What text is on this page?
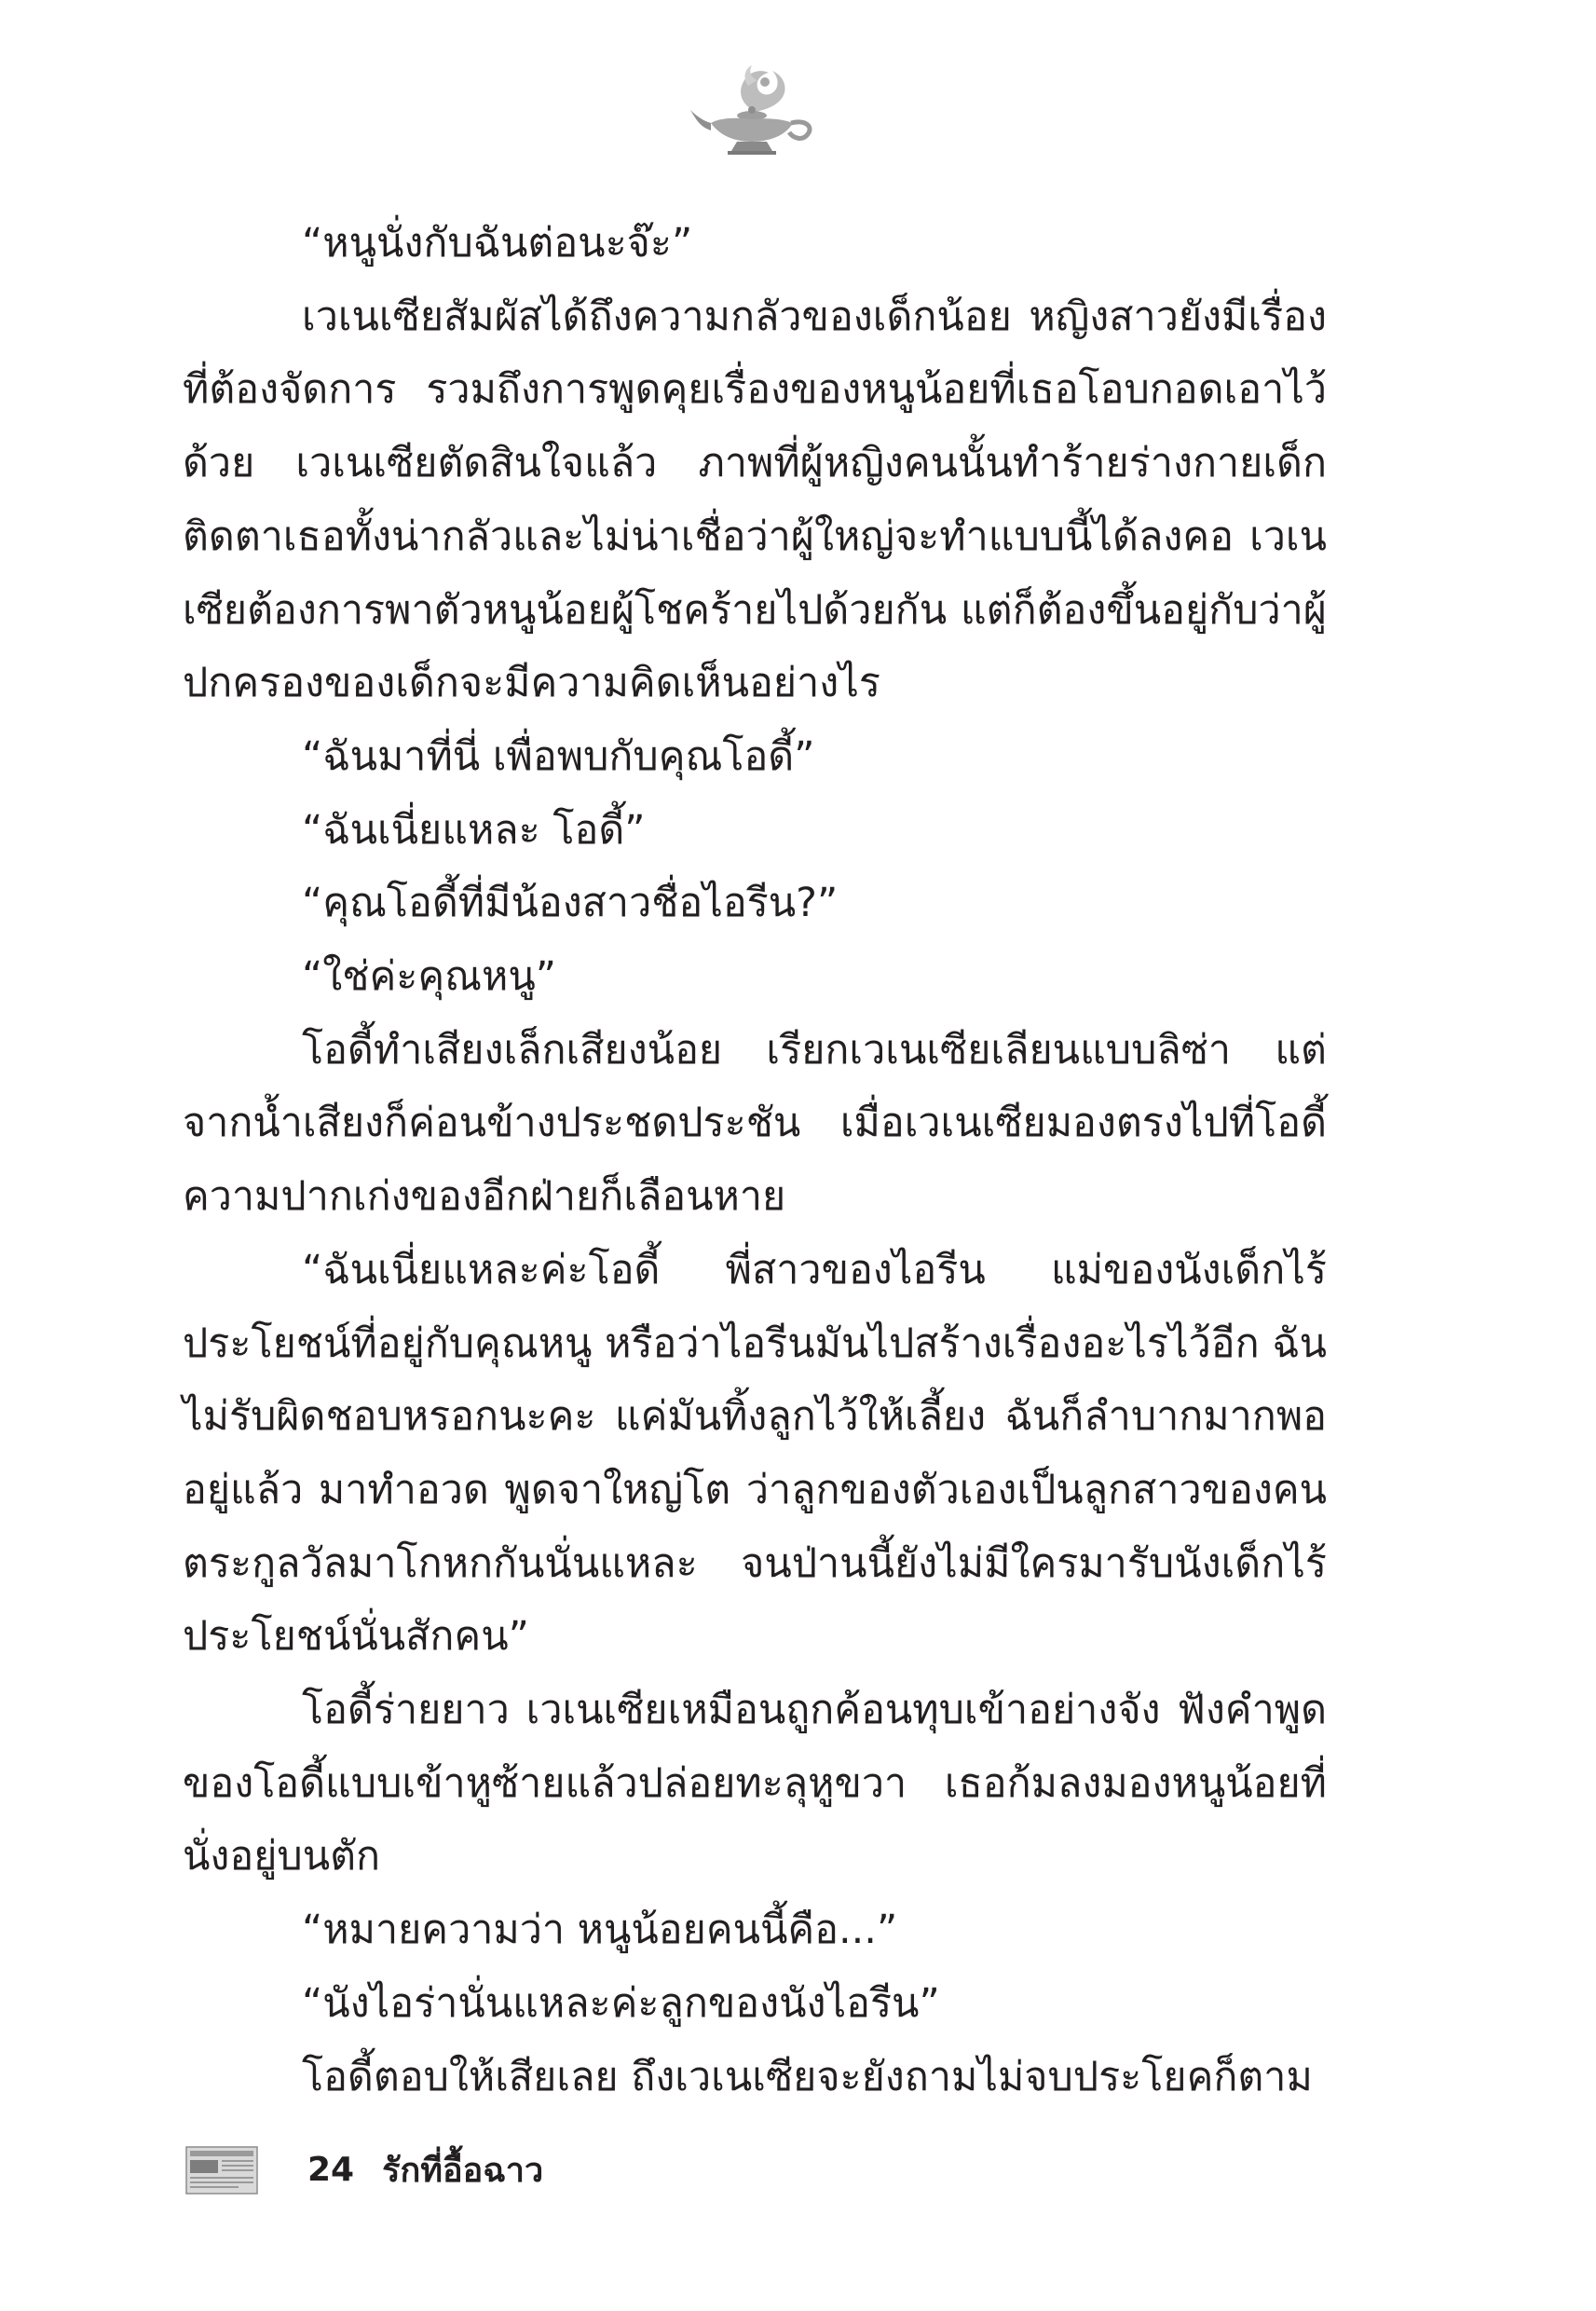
“หนูนั่งกับฉันต่อนะจ๊ะ”

เวเนเซียสัมผัสได้ถึงความกลัวของเด็กน้อย หญิงสาวยังมีเรื่องที่ต้องจัดการ รวมถึงการพูดคุยเรื่องของหนูน้อยที่เธอโอบกอดเอาไว้ด้วย เวเนเซียตัดสินใจแล้ว ภาพที่ผู้หญิงคนนั้นทำร้ายร่างกายเด็ก ติดตาเธอทั้งน่ากลัวและไม่น่าเชื่อว่าผู้ใหญ่จะทำแบบนี้ได้ลงคอ เวเนเซียต้องการพาตัวหนูน้อยผู้โชคร้ายไปด้วยกัน แต่ก็ต้องขึ้นอยู่กับว่าผู้ปกครองของเด็กจะมีความคิดเห็นอย่างไร

“ฉันมาที่นี่ เพื่อพบกับคุณโอดี้”

“ฉันเนี่ยแหละ โอดี้”

“คุณโอดี้ที่มีน้องสาวชื่อไอรีน?”

“ใช่ค่ะคุณหนู”

โอดี้ทำเสียงเล็กเสียงน้อย เรียกเวเนเซียเลียนแบบลิซ่า แต่จากน้ำเสียงก็ค่อนข้างประชดประชัน เมื่อเวเนเซียมองตรงไปที่โอดี้ ความปากเก่งของอีกฝ่ายก็เลือนหาย

“ฉันเนี่ยแหละค่ะโอดี้ พี่สาวของไอรีน แม่ของนังเด็กไร้ประโยชน์ที่อยู่กับคุณหนู หรือว่าไอรีนมันไปสร้างเรื่องอะไรไว้อีก ฉันไม่รับผิดชอบหรอกนะคะ แค่มันทิ้งลูกไว้ให้เลี้ยง ฉันก็ลำบากมากพออยู่แล้ว มาทำอวด พูดจาใหญ่โต ว่าลูกของตัวเองเป็นลูกสาวของคนตระกูลวัลมาโกหกกันนั่นแหละ จนป่านนี้ยังไม่มีใครมารับนังเด็กไร้ประโยชน์นั่นสักคน”

โอดี้ร่ายยาว เวเนเซียเหมือนถูกค้อนทุบเข้าอย่างจัง ฟังคำพูดของโอดี้แบบเข้าหูซ้ายแล้วปล่อยทะลุหูขวา เธอก้มลงมองหนูน้อยที่นั่งอยู่บนตัก

“หมายความว่า หนูน้อยคนนี้คือ...”

“นังไอร่านั่นแหละค่ะลูกของนังไอรีน”

โอดี้ตอบให้เสียเลย ถึงเวเนเซียจะยังถามไม่จบประโยคก็ตาม

24 รักที่อื้อฉาว
